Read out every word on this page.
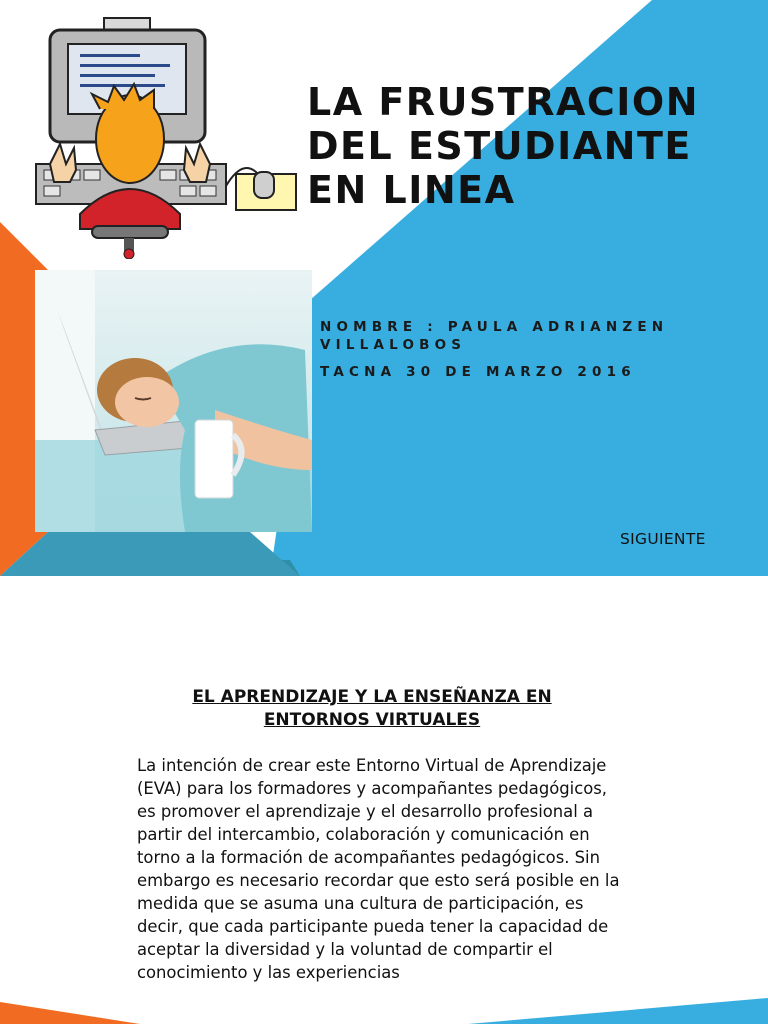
LA FRUSTRACION DEL ESTUDIANTE EN LINEA
NOMBRE : PAULA ADRIANZEN VILLALOBOS
TACNA 30 DE MARZO 2016
SIGUIENTE
EL APRENDIZAJE Y LA ENSEÑANZA EN ENTORNOS VIRTUALES

La intención de crear este Entorno Virtual de Aprendizaje (EVA) para los formadores y acompañantes pedagógicos, es promover el aprendizaje y el desarrollo profesional a partir del intercambio, colaboración y comunicación en torno a la formación de acompañantes pedagógicos. Sin embargo es necesario recordar que esto será posible en la medida que se asuma una cultura de participación, es decir, que cada participante pueda tener la capacidad de aceptar la diversidad y la voluntad de compartir el conocimiento y las experiencias
